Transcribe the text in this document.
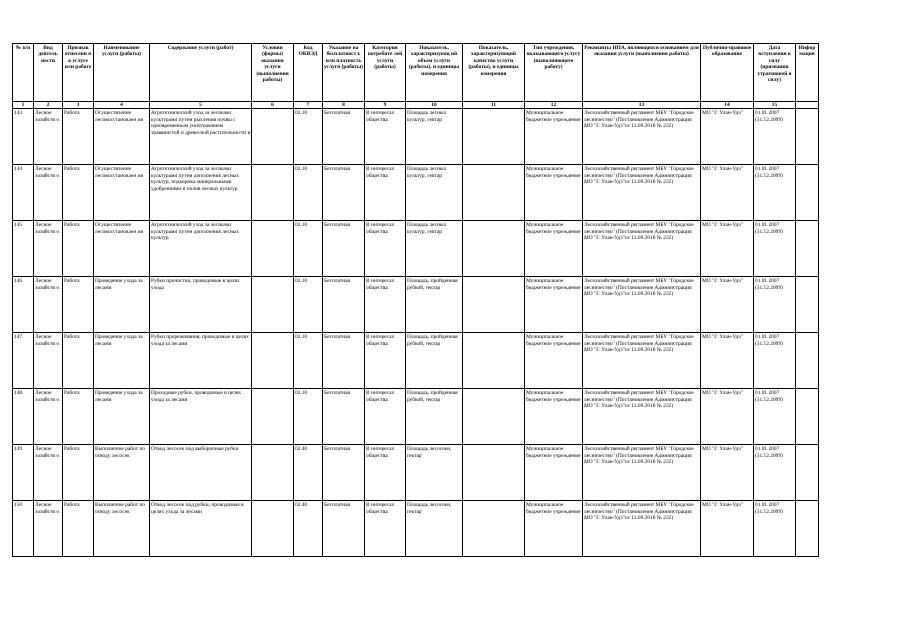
№ п/п	Вид деятель ности	Признак отнесени я к услуге или работе	Наименование услуги (работы)	Содержание услуги (работ)	Условия (формы) оказания услуги (выполнения работы)	Код ОКВЭД	Указание на бесплатност ь или платность услуги (работы)	Категория потребите лей услуги (работы)	Показатель, характеризующ ий объем услуги (работы), и единицы измерения	Показатель, характеризующий качество услуги (работы), и единицы измерения	Тип учреждения, оказывающего услугу (выполняющего работу)	Реквизиты НПА, являющихся основанием для оказания услуги (выполнения работы)	Публично-правовое образование	Дата вступления в силу (признания утратившей я силу)	Информация
1	2	3	4	5	6	7	8	9	10	11	12	13	14	15	
143	Лесное хозяйств о	Работа	Осуществление лесовосстановлен ия	Агротехнический уход за лесными культурами путем рыхления почвы с одновременным уничтожением травянистой и древесной растительности в		02.10	Бесплатная	В интересах общества	Площадь лесных культур, гектар		Муниципальное бюджетное учреждение	Лесохозяйственный регламент МБУ "Городское лесничество" (Постановление Администрации МО "Г. Улан-Удэ"от 12.09.2018 № 232)	МО "Г. Улан-Удэ"	01.01.2007 (31.12.2099)	
144	Лесное хозяйств о	Работа	Осуществление лесовосстановлен ия	Агротехнический уход за лесными культурами путем дополнения лесных культур, подкормка минеральными удобрениями и полив лесных культур		02.10	Бесплатная	В интересах общества	Площадь лесных культур, гектар		Муниципальное бюджетное учреждение	Лесохозяйственный регламент МБУ "Городское лесничество" (Постановление Администрации МО "Г. Улан-Удэ"от 12.09.2018 № 232)	МО "Г. Улан-Удэ"	01.01.2007 (31.12.2099)	
145	Лесное хозяйств о	Работа	Осуществление лесовосстановлен ия	Агротехнический уход за лесными культурами путем дополнения лесных культур		02.10	Бесплатная	В интересах общества	Площадь лесных культур, гектар		Муниципальное бюджетное учреждение	Лесохозяйственный регламент МБУ "Городское лесничество" (Постановление Администрации МО "Г. Улан-Удэ"от 12.09.2018 № 232)	МО "Г. Улан-Удэ"	01.01.2007 (31.12.2099)	
146	Лесное хозяйств о	Работа	Проведение ухода за лесами	Рубки прочистки, проводимые в целях ухода		02.10	Бесплатная	В интересах общества	Площадь, пройденная рубкой, гектар		Муниципальное бюджетное учреждение	Лесохозяйственный регламент МБУ "Городское лесничество" (Постановление Администрации МО "Г. Улан-Удэ"от 12.09.2018 № 232)	МО "Г. Улан-Удэ"	01.01.2007 (31.12.2099)	
147	Лесное хозяйств о	Работа	Проведение ухода за лесами	Рубки прореживания, проводимые в целях ухода за лесами		02.10	Бесплатная	В интересах общества	Площадь, пройденная рубкой, гектар		Муниципальное бюджетное учреждение	Лесохозяйственный регламент МБУ "Городское лесничество" (Постановление Администрации МО "Г. Улан-Удэ"от 12.09.2018 № 232)	МО "Г. Улан-Удэ"	01.01.2007 (31.12.2099)	
148	Лесное хозяйств о	Работа	Проведение ухода за лесами	Проходные рубки, проводимые в целях ухода за лесами		02.10	Бесплатная	В интересах общества	Площадь, пройденная рубкой, гектар		Муниципальное бюджетное учреждение	Лесохозяйственный регламент МБУ "Городское лесничество" (Постановление Администрации МО "Г. Улан-Удэ"от 12.09.2018 № 232)	МО "Г. Улан-Удэ"	01.01.2007 (31.12.2099)	
149	Лесное хозяйств о	Работа	Выполнение работ по отводу лесосек	Отвод лесосек под выборочные рубки		02.40	Бесплатная	В интересах общества	Площадь лесосеки, гектар		Муниципальное бюджетное учреждение	Лесохозяйственный регламент МБУ "Городское лесничество" (Постановление Администрации МО "Г. Улан-Удэ"от 12.09.2018 № 232)	МО "Г. Улан-Удэ"	01.01.2007 (31.12.2099)	
150	Лесное хозяйств о	Работа	Выполнение работ по отводу лесосек	Отвод лесосек под рубки, проводимые в целях ухода за лесами		02.40	Бесплатная	В интересах общества	Площадь лесосеки, гектар		Муниципальное бюджетное учреждение	Лесохозяйственный регламент МБУ "Городское лесничество" (Постановление Администрации МО "Г. Улан-Удэ"от 12.09.2018 № 232)	МО "Г. Улан-Удэ"	01.01.2007 (31.12.2099)	
